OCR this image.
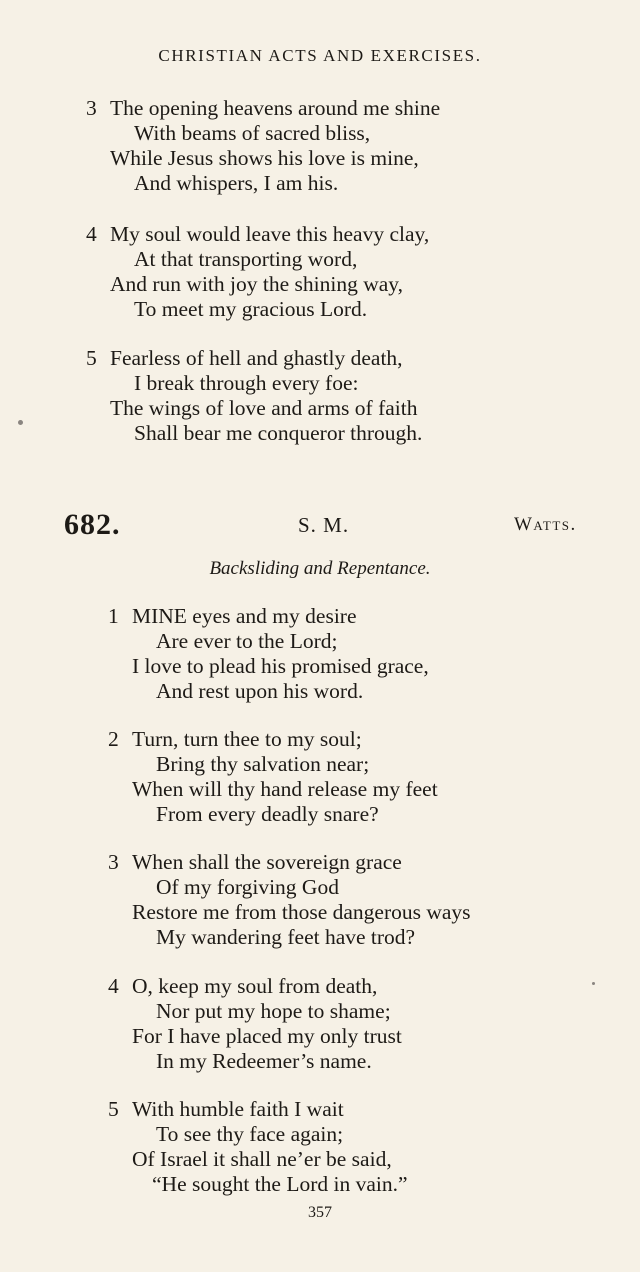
CHRISTIAN ACTS AND EXERCISES.
3 The opening heavens around me shine
With beams of sacred bliss,
While Jesus shows his love is mine,
And whispers, I am his.
4 My soul would leave this heavy clay,
At that transporting word,
And run with joy the shining way,
To meet my gracious Lord.
5 Fearless of hell and ghastly death,
I break through every foe:
The wings of love and arms of faith
Shall bear me conqueror through.
682.	S. M.	Watts.
Backsliding and Repentance.
1 MINE eyes and my desire
Are ever to the Lord;
I love to plead his promised grace,
And rest upon his word.
2 Turn, turn thee to my soul;
Bring thy salvation near;
When will thy hand release my feet
From every deadly snare?
3 When shall the sovereign grace
Of my forgiving God
Restore me from those dangerous ways
My wandering feet have trod?
4 O, keep my soul from death,
Nor put my hope to shame;
For I have placed my only trust
In my Redeemer’s name.
5 With humble faith I wait
To see thy face again;
Of Israel it shall ne’er be said,
“He sought the Lord in vain.”
357
